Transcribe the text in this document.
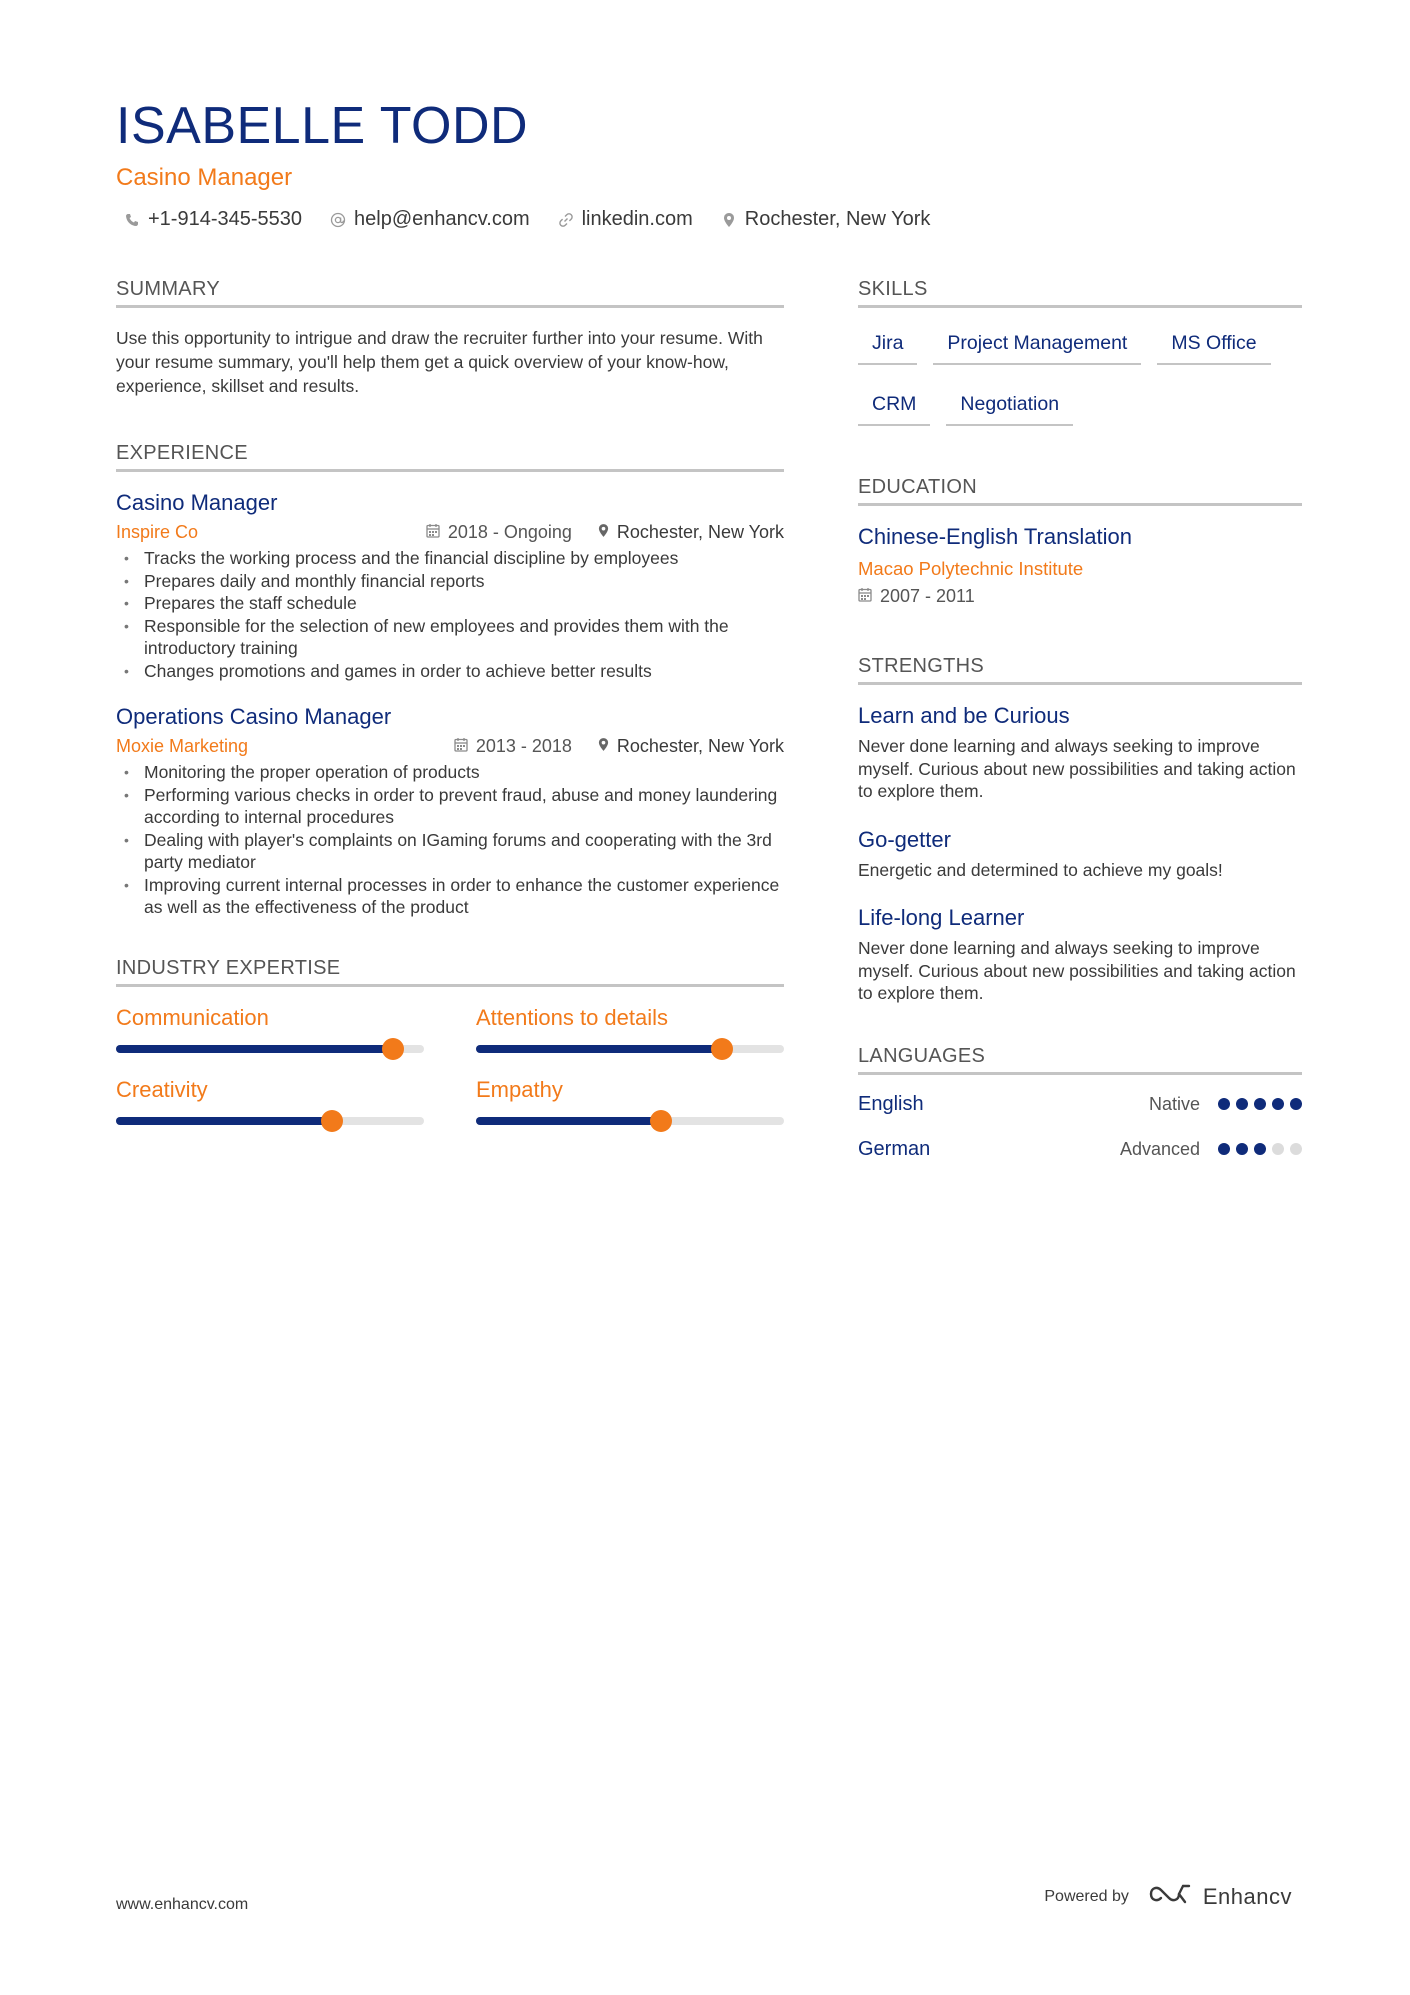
ISABELLE TODD
Casino Manager
+1-914-345-5530	help@enhancv.com	linkedin.com	Rochester, New York
SUMMARY
Use this opportunity to intrigue and draw the recruiter further into your resume. With your resume summary, you'll help them get a quick overview of your know-how, experience, skillset and results.
EXPERIENCE
Casino Manager
Inspire Co	2018 - Ongoing	Rochester, New York
• Tracks the working process and the financial discipline by employees
• Prepares daily and monthly financial reports
• Prepares the staff schedule
• Responsible for the selection of new employees and provides them with the introductory training
• Changes promotions and games in order to achieve better results
Operations Casino Manager
Moxie Marketing	2013 - 2018	Rochester, New York
• Monitoring the proper operation of products
• Performing various checks in order to prevent fraud, abuse and money laundering according to internal procedures
• Dealing with player's complaints on IGaming forums and cooperating with the 3rd party mediator
• Improving current internal processes in order to enhance the customer experience as well as the effectiveness of the product
INDUSTRY EXPERTISE
Communication	Attentions to details
Creativity	Empathy
SKILLS
Jira	Project Management	MS Office
CRM	Negotiation
EDUCATION
Chinese-English Translation
Macao Polytechnic Institute
2007 - 2011
STRENGTHS
Learn and be Curious
Never done learning and always seeking to improve myself. Curious about new possibilities and taking action to explore them.
Go-getter
Energetic and determined to achieve my goals!
Life-long Learner
Never done learning and always seeking to improve myself. Curious about new possibilities and taking action to explore them.
LANGUAGES
English	Native
German	Advanced
www.enhancv.com	Powered by	Enhancv
